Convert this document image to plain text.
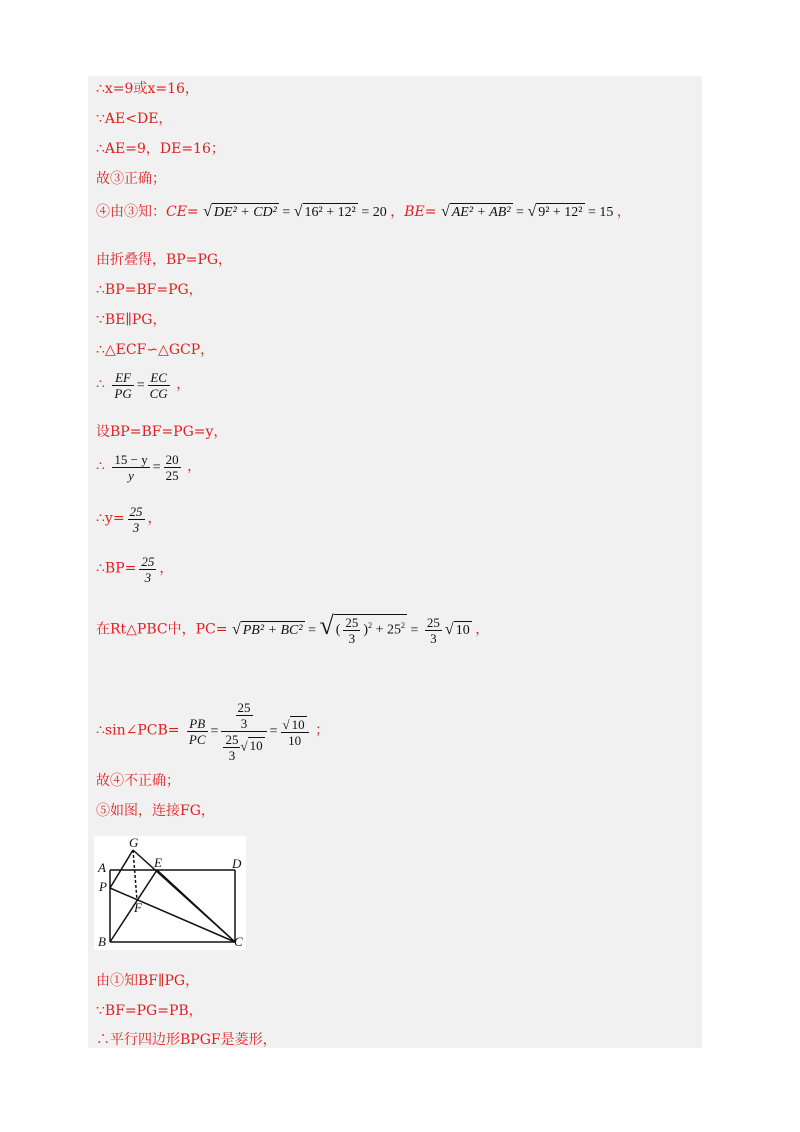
∴x=9或x=16，
∵AE<DE，
∴AE=9，DE=16；
故③正确；
④由③知：CE= √ DE² + CD² = √ 16² + 12² = 20 ，BE= √ AE² + AB² = √ 9² + 12² = 15 ，
由折叠得，BP=PG，
∴BP=BF=PG，
∵BE∥PG，
∴△ECF∽△GCP，
∴ $\frac{EF}{PG} = \frac{EC}{CG}$ ，
设BP=BF=PG=y，
∴ $\frac{15 - y}{y} = \frac{20}{25}$ ，
∴y= $\frac{25}{3}$ ，
∴BP= $\frac{25}{3}$ ，
在Rt△PBC中，PC= √ PB² + BC² = √ ( $\frac{25}{3} )^2 + 25^2 = \frac{25}{3}$ √ 10 ，
∴sin∠PCB= $\frac{PB}{PC} = \frac{\frac{25}{3}}{\frac{25}{3} √ 10} = \frac{√ 10}{10}$ ；
故④不正确；
⑤如图，连接FG，
G
E	D
A
P
F
B	C
由①知BF∥PG，
∵BF=PG=PB，
∴平行四边形BPGF是菱形，
